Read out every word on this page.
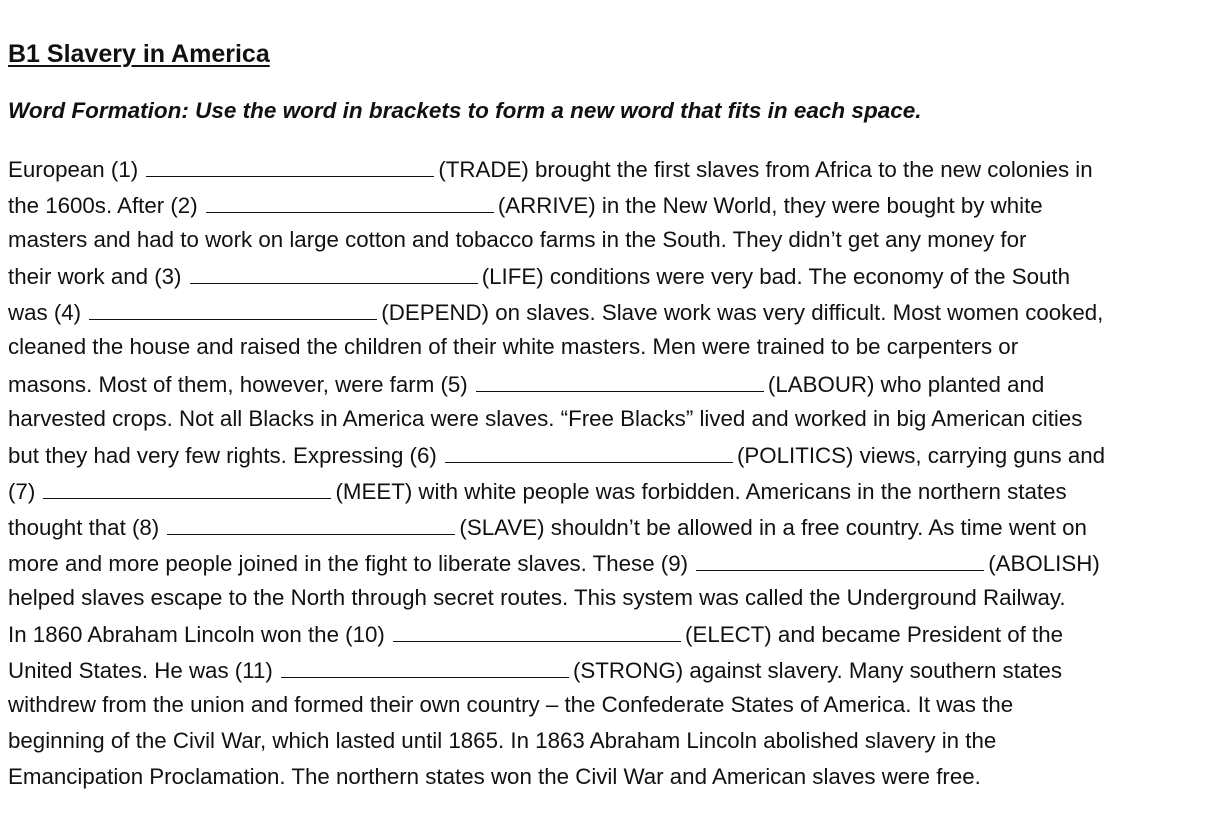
B1 Slavery in America

Word Formation: Use the word in brackets to form a new word that fits in each space.

European (1)	(TRADE) brought the first slaves from Africa to the new colonies in
the 1600s. After (2)	(ARRIVE) in the New World, they were bought by white
masters and had to work on large cotton and tobacco farms in the South. They didn’t get any money for
their work and (3)	(LIFE) conditions were very bad. The economy of the South
was (4)	(DEPEND) on slaves. Slave work was very difficult. Most women cooked,
cleaned the house and raised the children of their white masters. Men were trained to be carpenters or
masons. Most of them, however, were farm (5)	(LABOUR) who planted and
harvested crops. Not all Blacks in America were slaves. “Free Blacks” lived and worked in big American cities
but they had very few rights. Expressing (6)	(POLITICS) views, carrying guns and
(7)	(MEET) with white people was forbidden. Americans in the northern states
thought that (8)	(SLAVE) shouldn’t be allowed in a free country. As time went on
more and more people joined in the fight to liberate slaves. These (9)	(ABOLISH)
helped slaves escape to the North through secret routes. This system was called the Underground Railway.
In 1860 Abraham Lincoln won the (10)	(ELECT) and became President of the
United States. He was (11)	(STRONG) against slavery. Many southern states
withdrew from the union and formed their own country – the Confederate States of America. It was the
beginning of the Civil War, which lasted until 1865. In 1863 Abraham Lincoln abolished slavery in the
Emancipation Proclamation. The northern states won the Civil War and American slaves were free.
